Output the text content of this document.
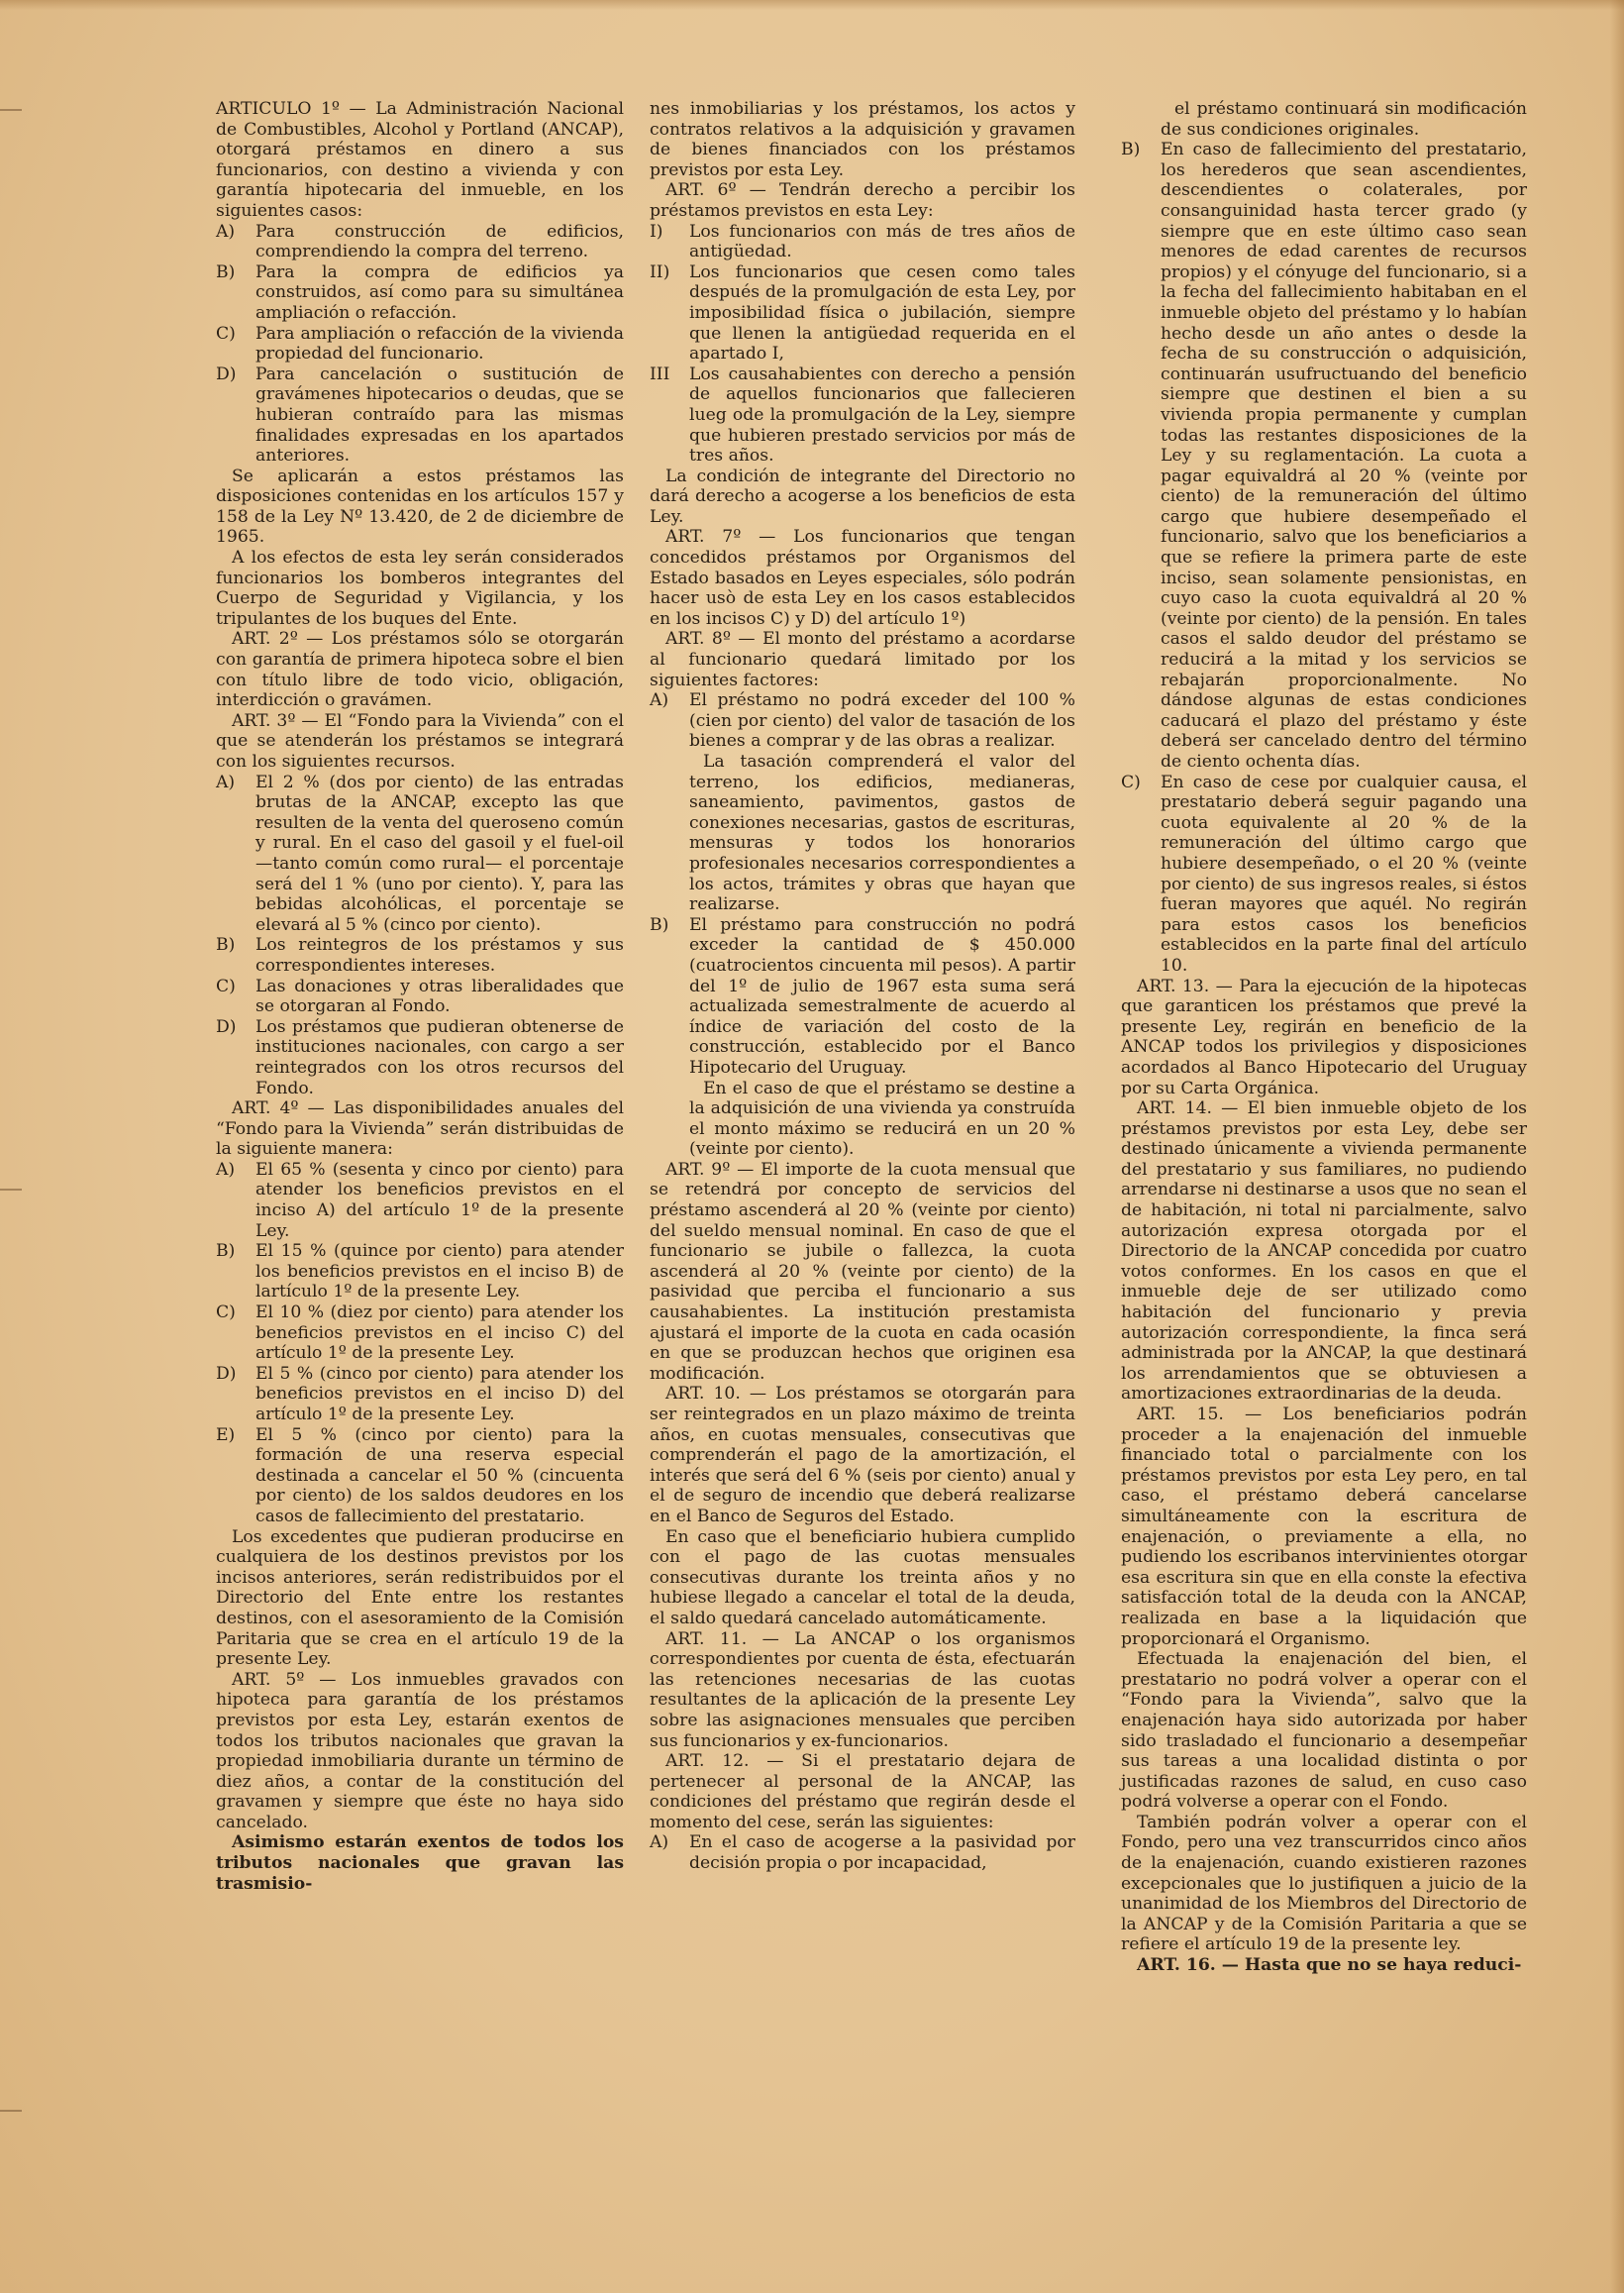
ARTICULO 1º — La Administración Nacional de Combustibles, Alcohol y Portland (ANCAP), otorgará préstamos en dinero a sus funcionarios, con destino a vivienda y con garantía hipotecaria del inmueble, en los siguientes casos:

A)	Para construcción de edificios, comprendiendo la compra del terreno.
B)	Para la compra de edificios ya construidos, así como para su simultánea ampliación o refacción.
C)	Para ampliación o refacción de la vivienda propiedad del funcionario.
D)	Para cancelación o sustitución de gravámenes hipotecarios o deudas, que se hubieran contraído para las mismas finalidades expresadas en los apartados anteriores.

Se aplicarán a estos préstamos las disposiciones contenidas en los artículos 157 y 158 de la Ley Nº 13.420, de 2 de diciembre de 1965.

A los efectos de esta ley serán considerados funcionarios los bomberos integrantes del Cuerpo de Seguridad y Vigilancia, y los tripulantes de los buques del Ente.

ART. 2º — Los préstamos sólo se otorgarán con garantía de primera hipoteca sobre el bien con título libre de todo vicio, obligación, interdicción o gravámen.

ART. 3º — El “Fondo para la Vivienda” con el que se atenderán los préstamos se integrará con los siguientes recursos.

A)	El 2 % (dos por ciento) de las entradas brutas de la ANCAP, excepto las que resulten de la venta del queroseno común y rural. En el caso del gasoil y el fuel-oil —tanto común como rural— el porcentaje será del 1 % (uno por ciento). Y, para las bebidas alcohólicas, el porcentaje se elevará al 5 % (cinco por ciento).
B)	Los reintegros de los préstamos y sus correspondientes intereses.
C)	Las donaciones y otras liberalidades que se otorgaran al Fondo.
D)	Los préstamos que pudieran obtenerse de instituciones nacionales, con cargo a ser reintegrados con los otros recursos del Fondo.

ART. 4º — Las disponibilidades anuales del “Fondo para la Vivienda” serán distribuidas de la siguiente manera:

A)	El 65 % (sesenta y cinco por ciento) para atender los beneficios previstos en el inciso A) del artículo 1º de la presente Ley.
B)	El 15 % (quince por ciento) para atender los beneficios previstos en el inciso B) de lartículo 1º de la presente Ley.
C)	El 10 % (diez por ciento) para atender los beneficios previstos en el inciso C) del artículo 1º de la presente Ley.
D)	El 5 % (cinco por ciento) para atender los beneficios previstos en el inciso D) del artículo 1º de la presente Ley.
E)	El 5 % (cinco por ciento) para la formación de una reserva especial destinada a cancelar el 50 % (cincuenta por ciento) de los saldos deudores en los casos de fallecimiento del prestatario.

Los excedentes que pudieran producirse en cualquiera de los destinos previstos por los incisos anteriores, serán redistribuidos por el Directorio del Ente entre los restantes destinos, con el asesoramiento de la Comisión Paritaria que se crea en el artículo 19 de la presente Ley.

ART. 5º — Los inmuebles gravados con hipoteca para garantía de los préstamos previstos por esta Ley, estarán exentos de todos los tributos nacionales que gravan la propiedad inmobiliaria durante un término de diez años, a contar de la constitución del gravamen y siempre que éste no haya sido cancelado.

Asimismo estarán exentos de todos los tributos nacionales que gravan las trasmisio-

nes inmobiliarias y los préstamos, los actos y contratos relativos a la adquisición y gravamen de bienes financiados con los préstamos previstos por esta Ley.

ART. 6º — Tendrán derecho a percibir los préstamos previstos en esta Ley:

I)	Los funcionarios con más de tres años de antigüedad.
II)	Los funcionarios que cesen como tales después de la promulgación de esta Ley, por imposibilidad física o jubilación, siempre que llenen la antigüedad requerida en el apartado I,
III	Los causahabientes con derecho a pensión de aquellos funcionarios que fallecieren lueg ode la promulgación de la Ley, siempre que hubieren prestado servicios por más de tres años.

La condición de integrante del Directorio no dará derecho a acogerse a los beneficios de esta Ley.

ART. 7º — Los funcionarios que tengan concedidos préstamos por Organismos del Estado basados en Leyes especiales, sólo podrán hacer usò de esta Ley en los casos establecidos en los incisos C) y D) del artículo 1º)

ART. 8º — El monto del préstamo a acordarse al funcionario quedará limitado por los siguientes factores:

A)	El préstamo no podrá exceder del 100 % (cien por ciento) del valor de tasación de los bienes a comprar y de las obras a realizar.
La tasación comprenderá el valor del terreno, los edificios, medianeras, saneamiento, pavimentos, gastos de conexiones necesarias, gastos de escrituras, mensuras y todos los honorarios profesionales necesarios correspondientes a los actos, trámites y obras que hayan que realizarse.
B)	El préstamo para construcción no podrá exceder la cantidad de $ 450.000 (cuatrocientos cincuenta mil pesos). A partir del 1º de julio de 1967 esta suma será actualizada semestralmente de acuerdo al índice de variación del costo de la construcción, establecido por el Banco Hipotecario del Uruguay.
En el caso de que el préstamo se destine a la adquisición de una vivienda ya construída el monto máximo se reducirá en un 20 % (veinte por ciento).

ART. 9º — El importe de la cuota mensual que se retendrá por concepto de servicios del préstamo ascenderá al 20 % (veinte por ciento) del sueldo mensual nominal. En caso de que el funcionario se jubile o fallezca, la cuota ascenderá al 20 % (veinte por ciento) de la pasividad que perciba el funcionario a sus causahabientes. La institución prestamista ajustará el importe de la cuota en cada ocasión en que se produzcan hechos que originen esa modificación.

ART. 10. — Los préstamos se otorgarán para ser reintegrados en un plazo máximo de treinta años, en cuotas mensuales, consecutivas que comprenderán el pago de la amortización, el interés que será del 6 % (seis por ciento) anual y el de seguro de incendio que deberá realizarse en el Banco de Seguros del Estado.

En caso que el beneficiario hubiera cumplido con el pago de las cuotas mensuales consecutivas durante los treinta años y no hubiese llegado a cancelar el total de la deuda, el saldo quedará cancelado automáticamente.

ART. 11. — La ANCAP o los organismos correspondientes por cuenta de ésta, efectuarán las retenciones necesarias de las cuotas resultantes de la aplicación de la presente Ley sobre las asignaciones mensuales que perciben sus funcionarios y ex-funcionarios.

ART. 12. — Si el prestatario dejara de pertenecer al personal de la ANCAP, las condiciones del préstamo que regirán desde el momento del cese, serán las siguientes:

A)	En el caso de acogerse a la pasividad por decisión propia o por incapacidad,
el préstamo continuará sin modificación de sus condiciones originales.
B)	En caso de fallecimiento del prestatario, los herederos que sean ascendientes, descendientes o colaterales, por consanguinidad hasta tercer grado (y siempre que en este último caso sean menores de edad carentes de recursos propios) y el cónyuge del funcionario, si a la fecha del fallecimiento habitaban en el inmueble objeto del préstamo y lo habían hecho desde un año antes o desde la fecha de su construcción o adquisición, continuarán usufructuando del beneficio siempre que destinen el bien a su vivienda propia permanente y cumplan todas las restantes disposiciones de la Ley y su reglamentación. La cuota a pagar equivaldrá al 20 % (veinte por ciento) de la remuneración del último cargo que hubiere desempeñado el funcionario, salvo que los beneficiarios a que se refiere la primera parte de este inciso, sean solamente pensionistas, en cuyo caso la cuota equivaldrá al 20 % (veinte por ciento) de la pensión. En tales casos el saldo deudor del préstamo se reducirá a la mitad y los servicios se rebajarán proporcionalmente. No dándose algunas de estas condiciones caducará el plazo del préstamo y éste deberá ser cancelado dentro del término de ciento ochenta días.
C)	En caso de cese por cualquier causa, el prestatario deberá seguir pagando una cuota equivalente al 20 % de la remuneración del último cargo que hubiere desempeñado, o el 20 % (veinte por ciento) de sus ingresos reales, si éstos fueran mayores que aquél. No regirán para estos casos los beneficios establecidos en la parte final del artículo 10.

ART. 13. — Para la ejecución de la hipotecas que garanticen los préstamos que prevé la presente Ley, regirán en beneficio de la ANCAP todos los privilegios y disposiciones acordados al Banco Hipotecario del Uruguay por su Carta Orgánica.

ART. 14. — El bien inmueble objeto de los préstamos previstos por esta Ley, debe ser destinado únicamente a vivienda permanente del prestatario y sus familiares, no pudiendo arrendarse ni destinarse a usos que no sean el de habitación, ni total ni parcialmente, salvo autorización expresa otorgada por el Directorio de la ANCAP concedida por cuatro votos conformes. En los casos en que el inmueble deje de ser utilizado como habitación del funcionario y previa autorización correspondiente, la finca será administrada por la ANCAP, la que destinará los arrendamientos que se obtuviesen a amortizaciones extraordinarias de la deuda.

ART. 15. — Los beneficiarios podrán proceder a la enajenación del inmueble financiado total o parcialmente con los préstamos previstos por esta Ley pero, en tal caso, el préstamo deberá cancelarse simultáneamente con la escritura de enajenación, o previamente a ella, no pudiendo los escribanos intervinientes otorgar esa escritura sin que en ella conste la efectiva satisfacción total de la deuda con la ANCAP, realizada en base a la liquidación que proporcionará el Organismo.

Efectuada la enajenación del bien, el prestatario no podrá volver a operar con el “Fondo para la Vivienda”, salvo que la enajenación haya sido autorizada por haber sido trasladado el funcionario a desempeñar sus tareas a una localidad distinta o por justificadas razones de salud, en cuso caso podrá volverse a operar con el Fondo.

También podrán volver a operar con el Fondo, pero una vez transcurridos cinco años de la enajenación, cuando existieren razones excepcionales que lo justifiquen a juicio de la unanimidad de los Miembros del Directorio de la ANCAP y de la Comisión Paritaria a que se refiere el artículo 19 de la presente ley.

ART. 16. — Hasta que no se haya reduci-
